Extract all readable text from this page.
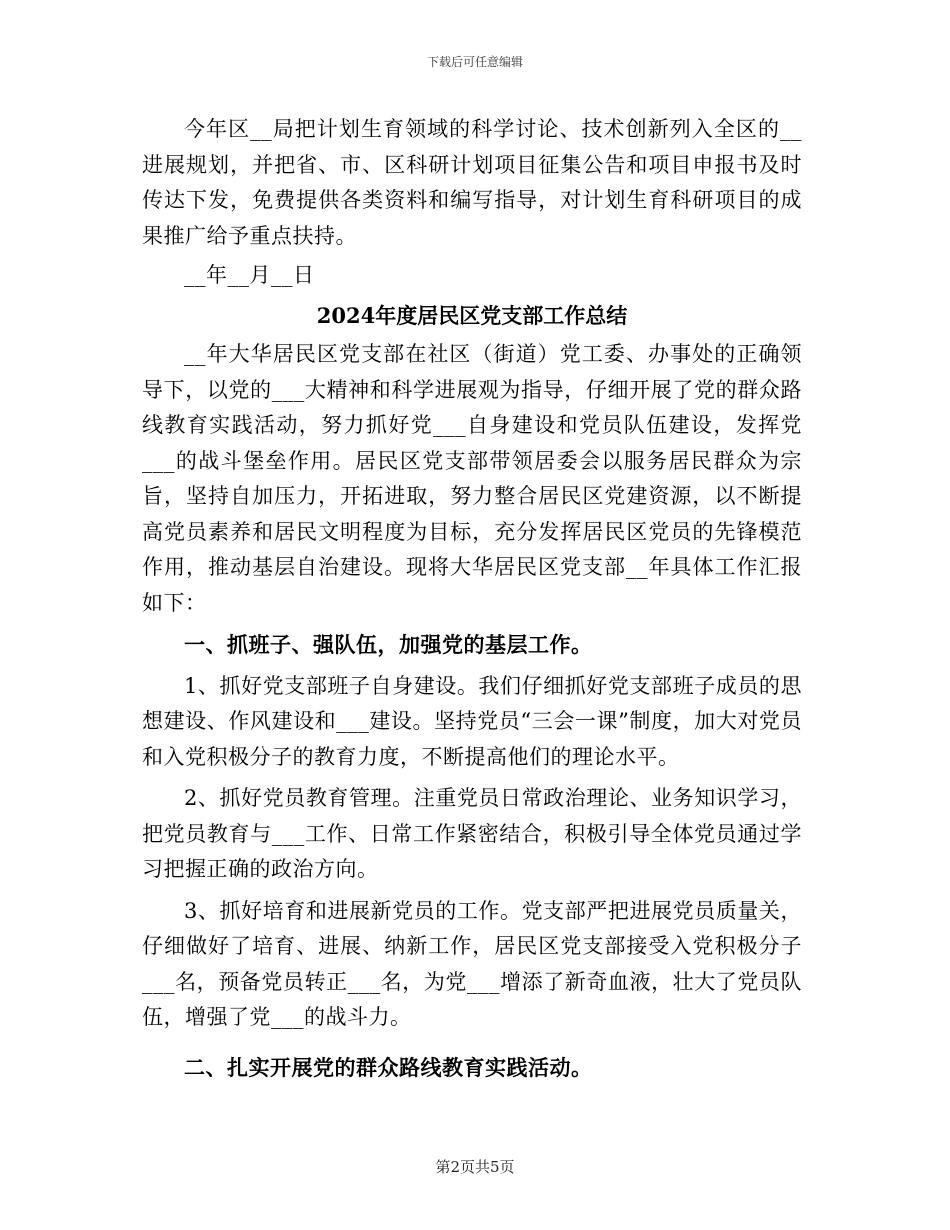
下载后可任意编辑

今年区__局把计划生育领域的科学讨论、技术创新列入全区的__进展规划，并把省、市、区科研计划项目征集公告和项目申报书及时传达下发，免费提供各类资料和编写指导，对计划生育科研项目的成果推广给予重点扶持。

__年__月__日

2024年度居民区党支部工作总结

__年大华居民区党支部在社区（街道）党工委、办事处的正确领导下，以党的___大精神和科学进展观为指导，仔细开展了党的群众路线教育实践活动，努力抓好党___自身建设和党员队伍建设，发挥党___的战斗堡垒作用。居民区党支部带领居委会以服务居民群众为宗旨，坚持自加压力，开拓进取，努力整合居民区党建资源，以不断提高党员素养和居民文明程度为目标，充分发挥居民区党员的先锋模范作用，推动基层自治建设。现将大华居民区党支部__年具体工作汇报如下：

一、抓班子、强队伍，加强党的基层工作。

1、抓好党支部班子自身建设。我们仔细抓好党支部班子成员的思想建设、作风建设和___建设。坚持党员“三会一课”制度，加大对党员和入党积极分子的教育力度，不断提高他们的理论水平。

2、抓好党员教育管理。注重党员日常政治理论、业务知识学习，把党员教育与___工作、日常工作紧密结合，积极引导全体党员通过学习把握正确的政治方向。

3、抓好培育和进展新党员的工作。党支部严把进展党员质量关，仔细做好了培育、进展、纳新工作，居民区党支部接受入党积极分子___名，预备党员转正___名，为党___增添了新奇血液，壮大了党员队伍，增强了党___的战斗力。

二、扎实开展党的群众路线教育实践活动。

第2页共5页
